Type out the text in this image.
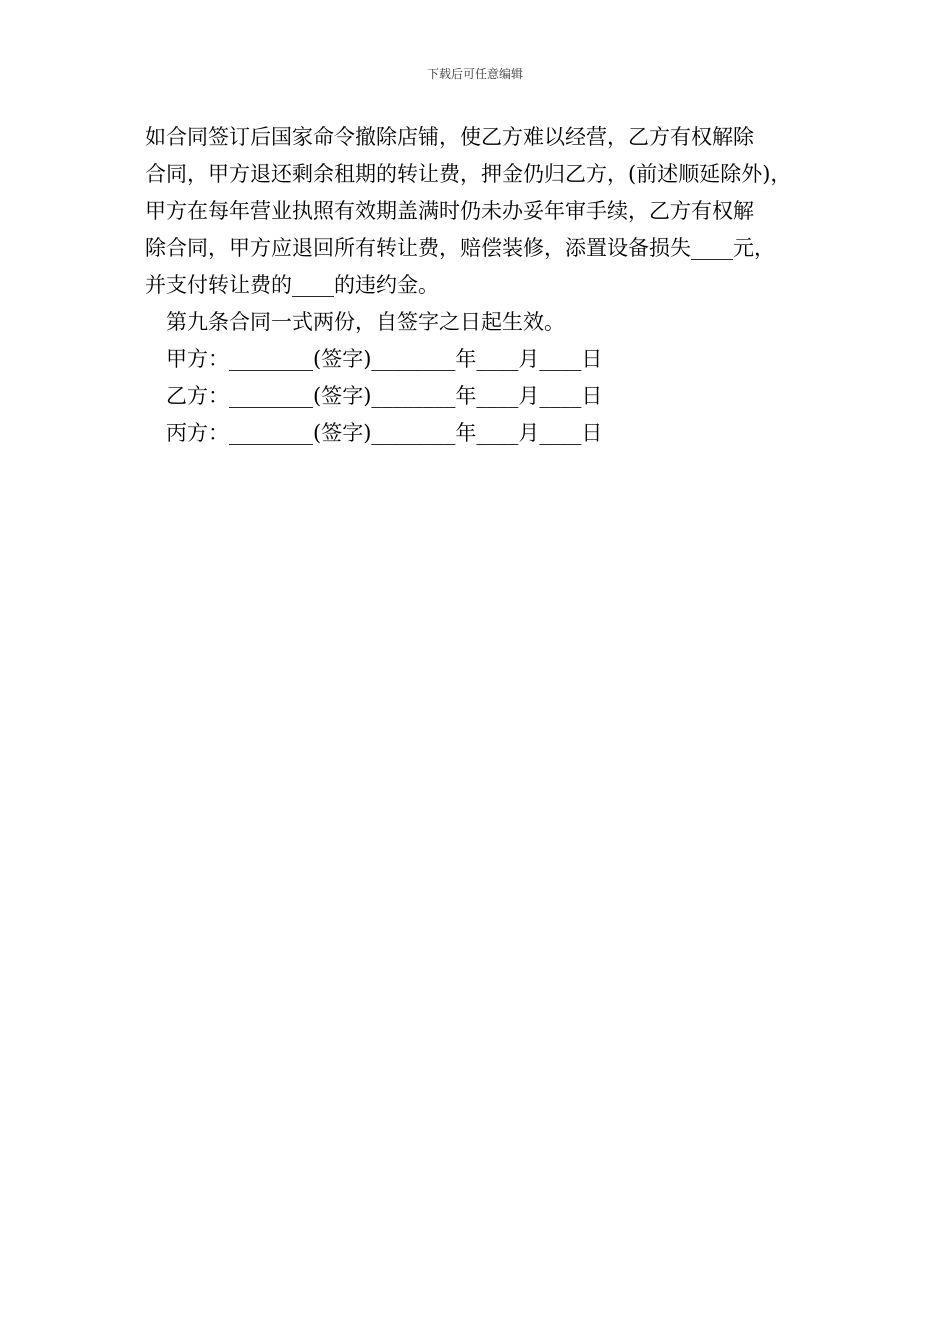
下载后可任意编辑
如合同签订后国家命令撤除店铺，使乙方难以经营，乙方有权解除
合同，甲方退还剩余租期的转让费，押金仍归乙方，(前述顺延除外)，
甲方在每年营业执照有效期盖满时仍未办妥年审手续，乙方有权解
除合同，甲方应退回所有转让费，赔偿装修，添置设备损失____元，
并支付转让费的____的违约金。
第九条合同一式两份，自签字之日起生效。
甲方：________(签字)________年____月____日
乙方：________(签字)________年____月____日
丙方：________(签字)________年____月____日
